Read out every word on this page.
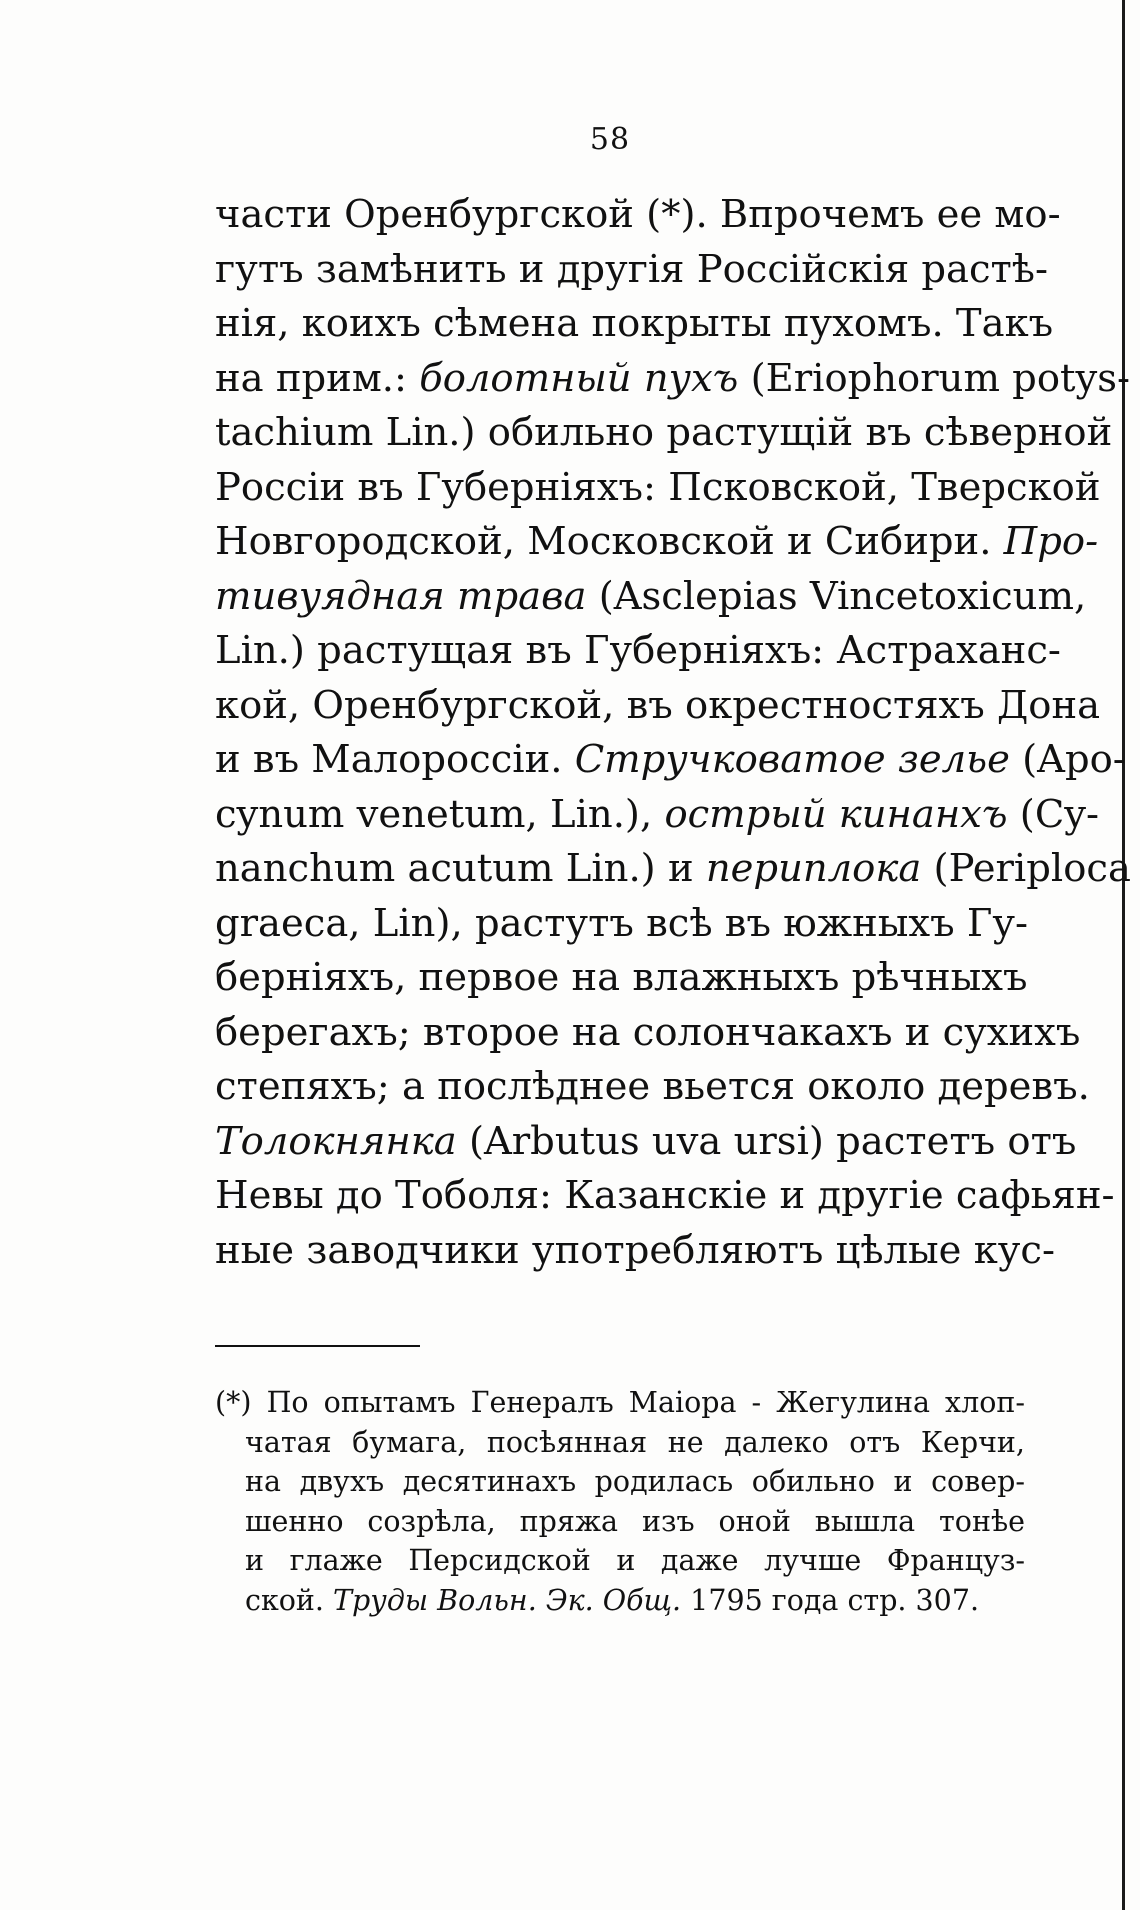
58
части Оренбургской (*). Впрочемъ ее мо-
гутъ замѣнить и другія Россійскія растѣ-
нія, коихъ сѣмена покрыты пухомъ. Такъ
на прим.: болотный пухъ (Eriophorum potys-
tachium Lin.) обильно растущій въ сѣверной
Россіи въ Губерніяхъ: Псковской, Тверской
Новгородской, Московской и Сибири. Про-
тивуядная трава (Asclepias Vincetoxicum,
Lin.) растущая въ Губерніяхъ: Астраханс-
кой, Оренбургской, въ окрестностяхъ Дона
и въ Малороссіи. Стручковатое зелье (Apo-
cynum venetum, Lin.), острый кинанхъ (Cy-
nanchum acutum Lin.) и периплока (Periploca
graeca, Lin), растутъ всѣ въ южныхъ Гу-
берніяхъ, первое на влажныхъ рѣчныхъ
берегахъ; второе на солончакахъ и сухихъ
степяхъ; а послѣднее вьется около деревъ.
Толокнянка (Arbutus uva ursi) растетъ отъ
Невы до Тоболя: Казанскіе и другіе сафьян-
ные заводчики употребляютъ цѣлые кус-
(*) По опытамъ Генералъ Маіора - Жегулина хлоп-
чатая бумага, посѣянная не далеко отъ Керчи,
на двухъ десятинахъ родилась обильно и совер-
шенно созрѣла, пряжа изъ оной вышла тонѣе
и глаже Персидской и даже лучше Француз-
ской. Труды Вольн. Эк. Общ. 1795 года стр. 307.
